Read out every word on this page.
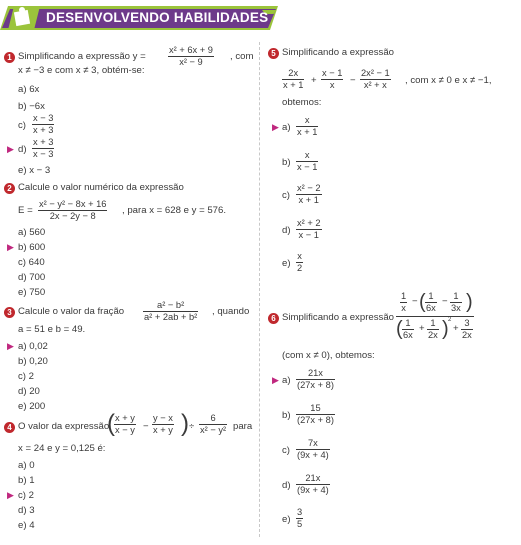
DESENVOLVENDO HABILIDADES
1 Simplificando a expressão $y = \frac{\text{x² + 6x + 9}}{\text{x² − 9}}$ , com
x ≠ −3 e com x ≠ 3, obtém-se:
a) 6x
b) −6x
$c) \frac{x - 3}{x + 3}$
▶ $d) \frac{x + 3}{x - 3}$
e) x − 3
2 Calcule o valor numérico da expressão
$E = \frac{\text{x² − y² − 8x + 16}}{2x - 2y - 8}$ , para x = 628 e y = 576.
a) 560
▶ b) 600
c) 640
d) 700
e) 750
3 Calcule o valor da fração $\frac{\text{a² − b²}}{\text{a² + 2ab + b²}}$ , quando
a = 51 e b = 49.
▶ a) 0,02
b) 0,20
c) 2
d) 20
e) 200
4 O valor da expressão
( $\frac{x + y}{x - y} - \frac{y - x}{x + y}$ ) ÷ $\frac{6}{\text{x² − y²}}$ para
x = 24 e y = 0,125 é:
a) 0
b) 1
▶ c) 2
d) 3
e) 4
5 Simplificando a expressão
$\frac{2x}{x + 1} + \frac{x - 1}{x} - \frac{\text{2x² − 1}}{\text{x² + x}}$ , com x ≠ 0 e x ≠ −1,
obtemos:
▶ $a) \frac{x}{x + 1}$
$b) \frac{x}{x - 1}$
$c) \frac{\text{x² − 2}}{x + 1}$
$d) \frac{\text{x² + 2}}{x - 1}$
$e) \frac{x}{2}$
6 Simplificando a expressão
$\frac{1}{x}$ − ( $\frac{1}{6x} - \frac{1}{3x}$ )
( $\frac{1}{6x} + \frac{1}{2x}$ ) 2
+ $\frac{3}{2x}$
(com x ≠ 0), obtemos:
▶ $a) \frac{21x}{(27x + 8)}$
$b) \frac{15}{(27x + 8)}$
$c) \frac{7x}{(9x + 4)}$
$d) \frac{21x}{(9x + 4)}$
$e) \frac{3}{5}$
